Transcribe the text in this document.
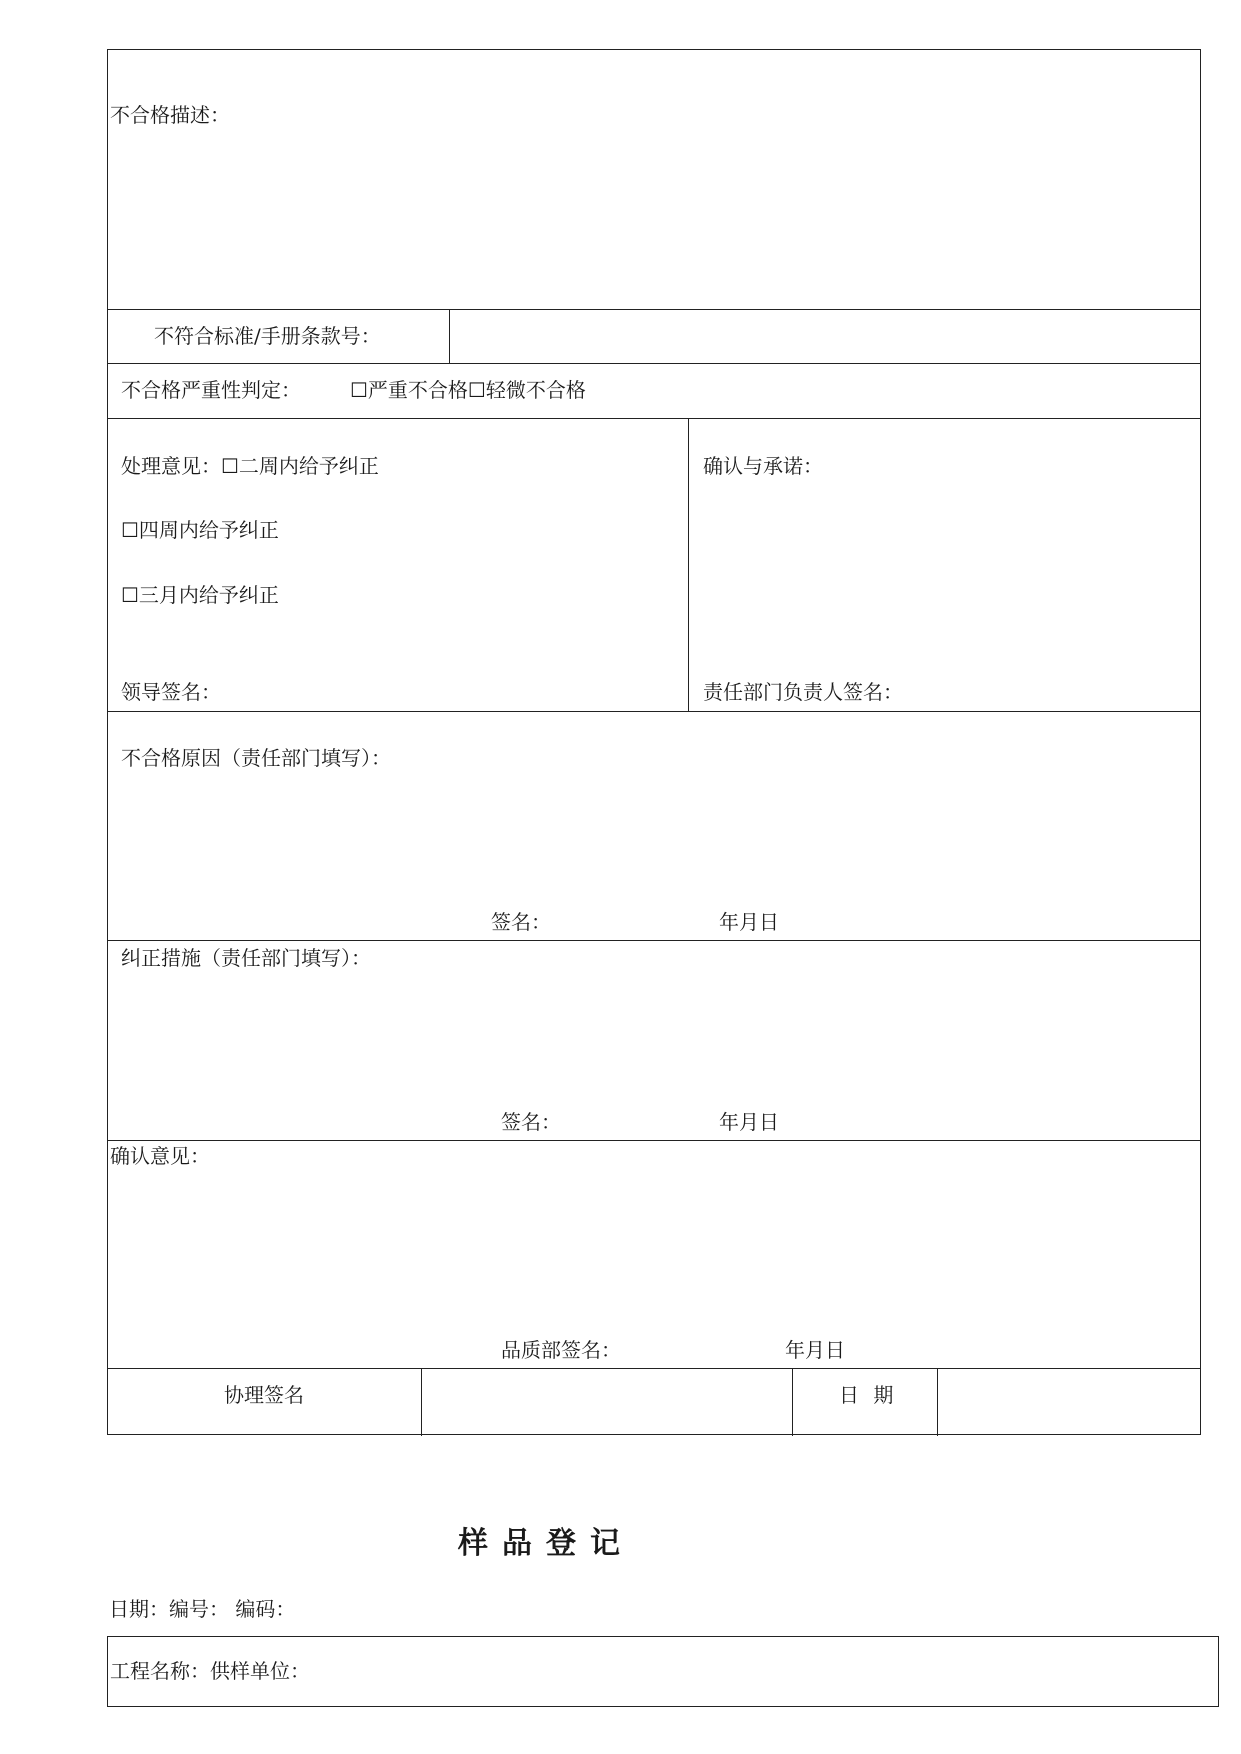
不合格描述：
不符合标准/手册条款号：
不合格严重性判定： ☐严重不合格☐轻微不合格
处理意见：☐二周内给予纠正
☐四周内给予纠正
☐三月内给予纠正
领导签名：
确认与承诺：
责任部门负责人签名：
不合格原因（责任部门填写）：
签名：	年月日
纠正措施（责任部门填写）：
签名：	年月日
确认意见：
品质部签名：	年月日
协理签名	日 期
样品登记
日期：编号： 编码：
工程名称：供样单位：
